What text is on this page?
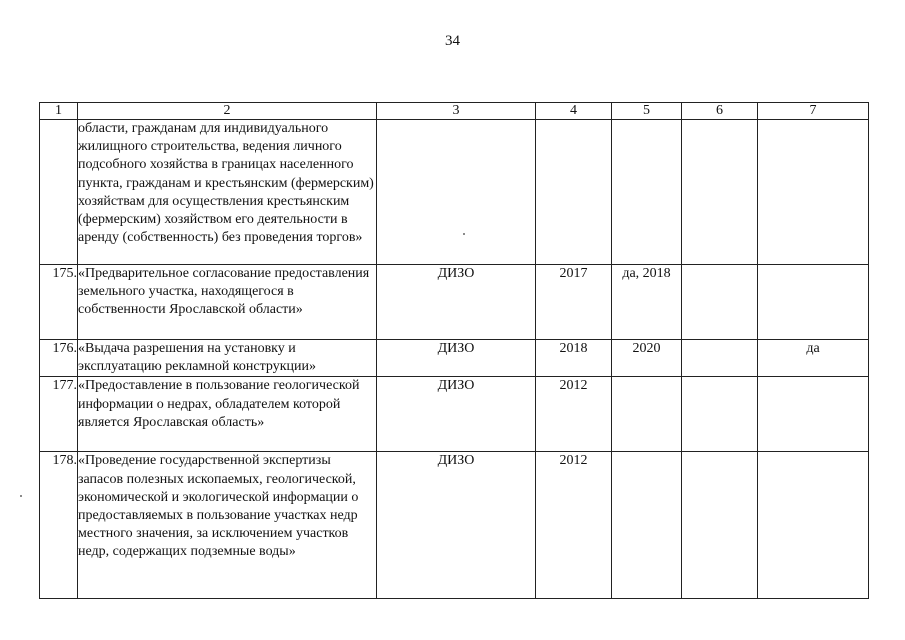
34
1	2	3	4	5	6	7
	области, гражданам для индивидуального жилищного строительства, ведения личного подсобного хозяйства в границах населенного пункта, гражданам и крестьянским (фермерским) хозяйствам для осуществления крестьянским (фермерским) хозяйством его деятельности в аренду (собственность) без проведения торгов»					
175.	«Предварительное согласование предоставления земельного участка, находящегося в собственности Ярославской области»	ДИЗО	2017	да, 2018		
176.	«Выдача разрешения на установку и эксплуатацию рекламной конструкции»	ДИЗО	2018	2020		да
177.	«Предоставление в пользование геологической информации о недрах, обладателем которой является Ярославская область»	ДИЗО	2012			
178.	«Проведение государственной экспертизы запасов полезных ископаемых, геологической, экономической и экологической информации о предоставляемых в пользование участках недр местного значения, за исключением участков недр, содержащих подземные воды»	ДИЗО	2012			
